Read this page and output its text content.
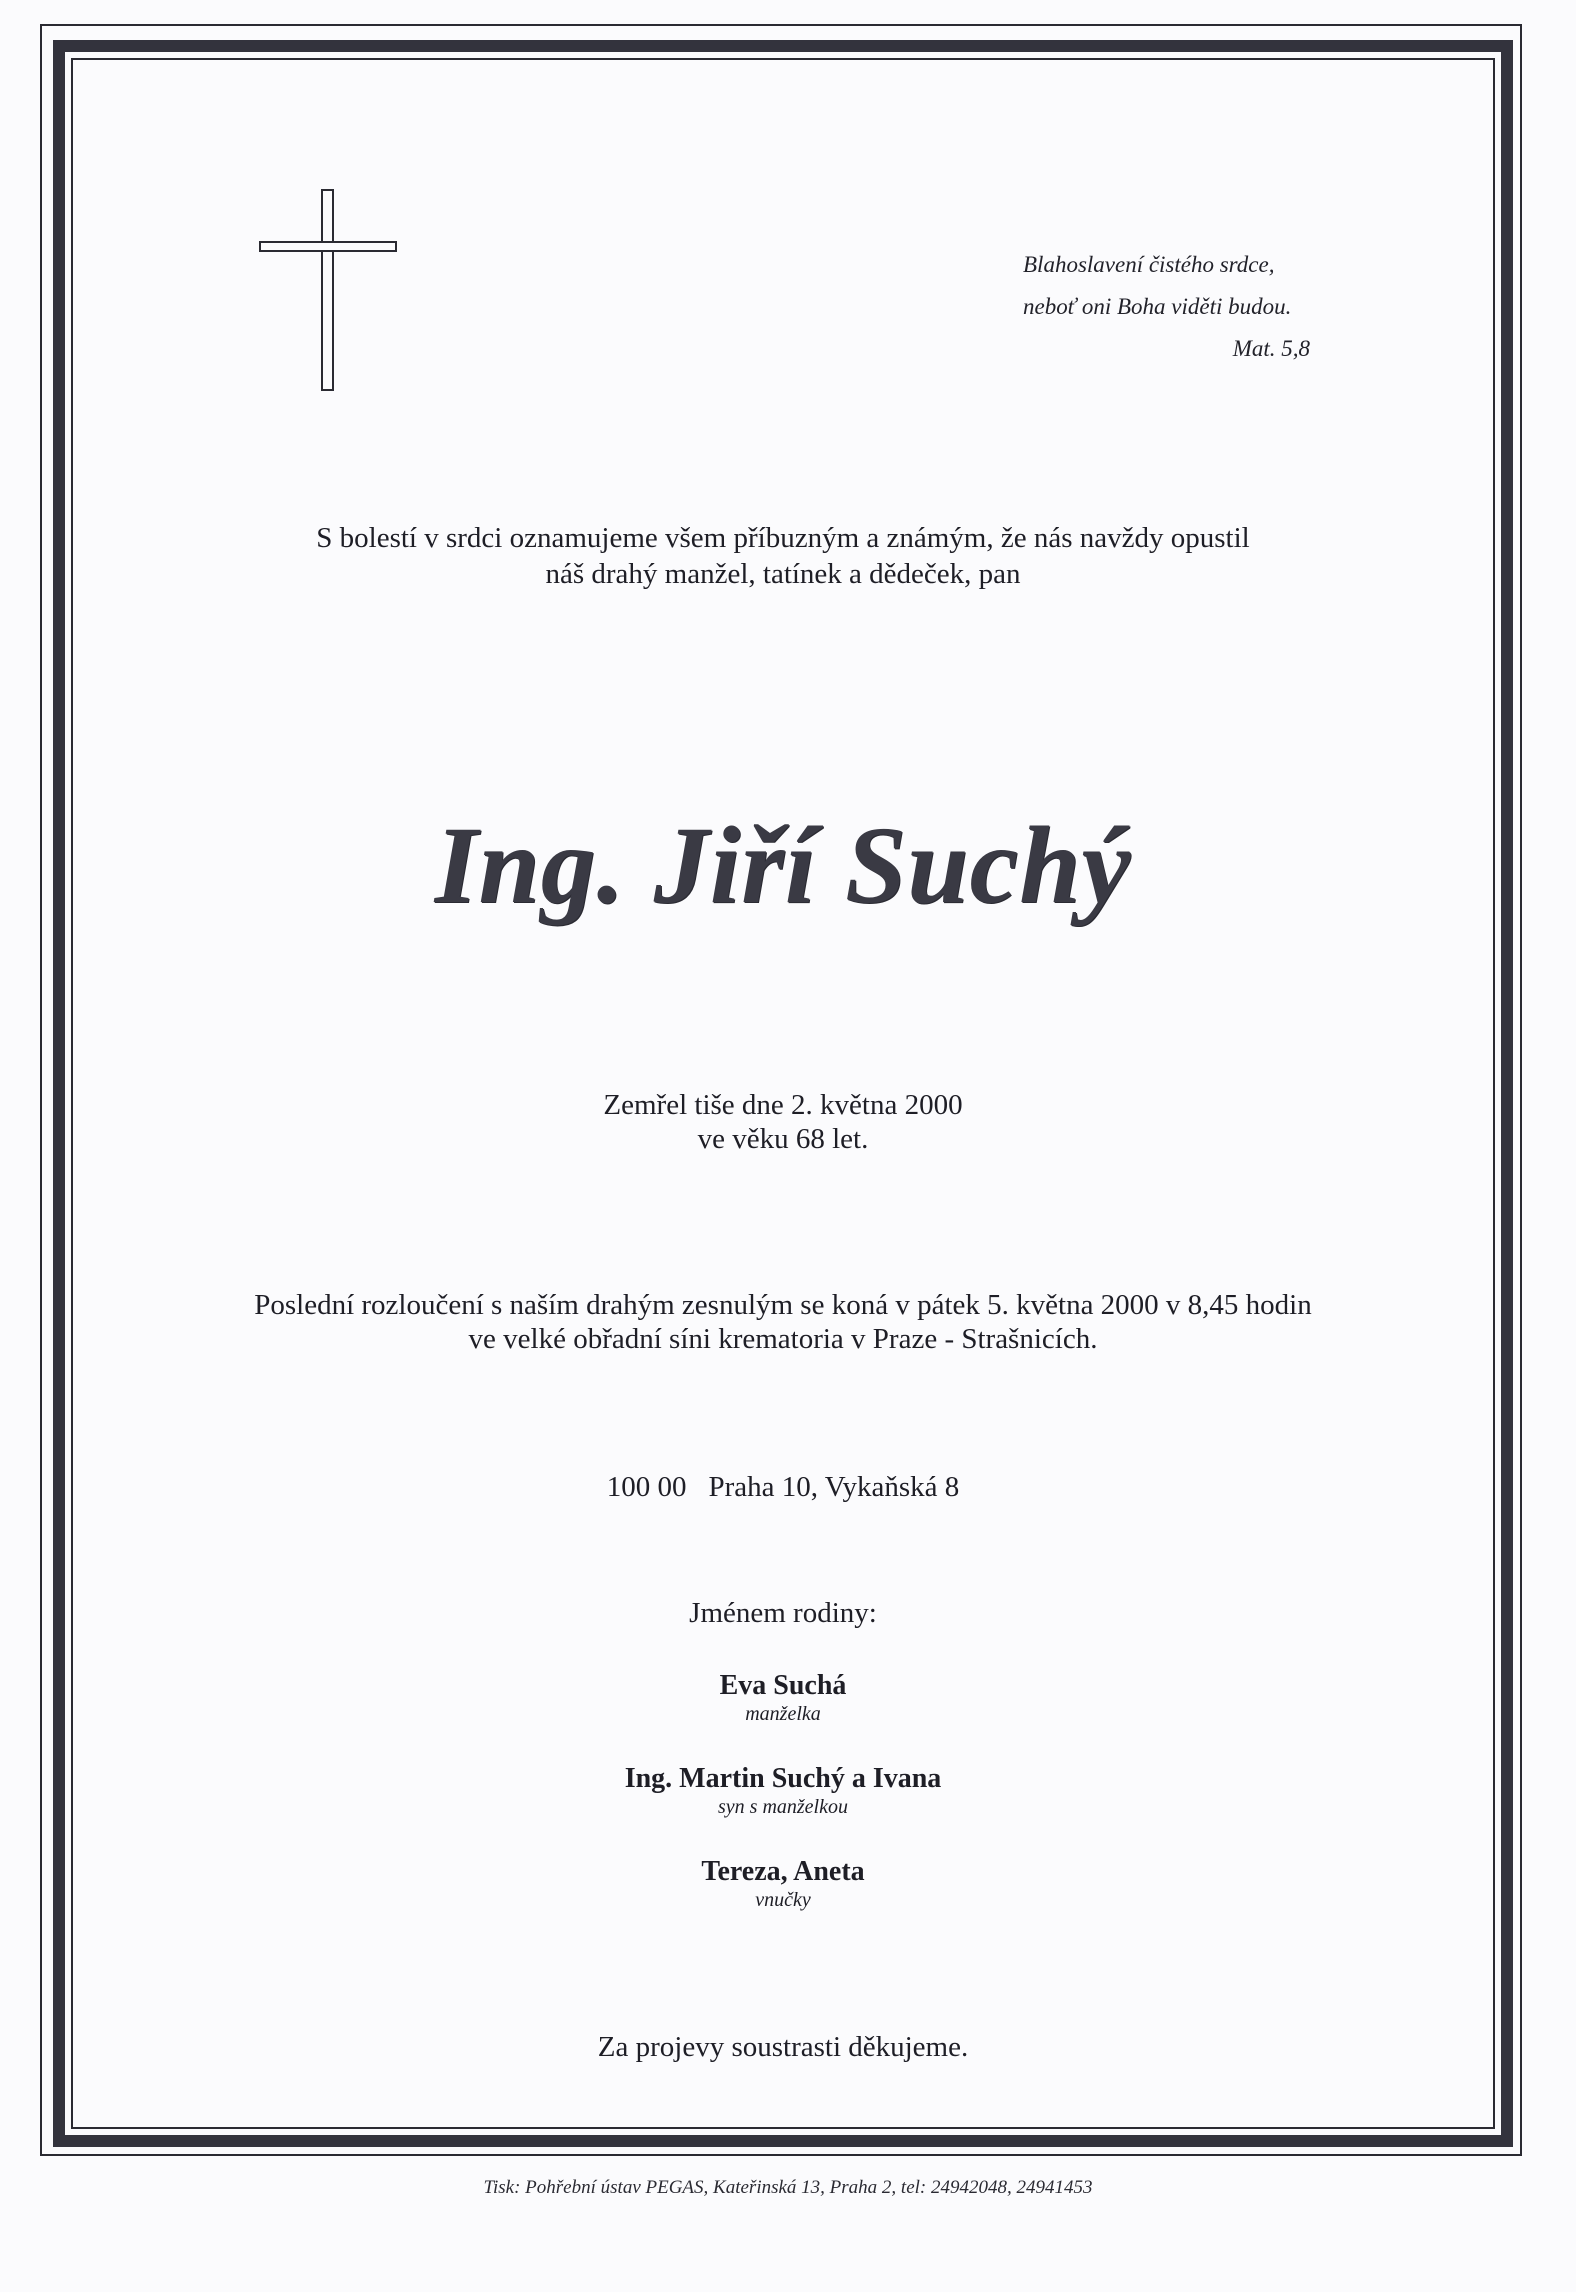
Blahoslavení čistého srdce,
neboť oni Boha viděti budou.
Mat. 5,8
S bolestí v srdci oznamujeme všem příbuzným a známým, že nás navždy opustil
náš drahý manžel, tatínek a dědeček, pan
Ing. Jiří Suchý
Zemřel tiše dne 2. května 2000
ve věku 68 let.
Poslední rozloučení s naším drahým zesnulým se koná v pátek 5. května 2000 v 8,45 hodin
ve velké obřadní síni krematoria v Praze - Strašnicích.
100 00 Praha 10, Vykaňská 8
Jménem rodiny:
Eva Suchá
manželka
Ing. Martin Suchý a Ivana
syn s manželkou
Tereza, Aneta
vnučky
Za projevy soustrasti děkujeme.
Tisk: Pohřební ústav PEGAS, Kateřinská 13, Praha 2, tel: 24942048, 24941453
